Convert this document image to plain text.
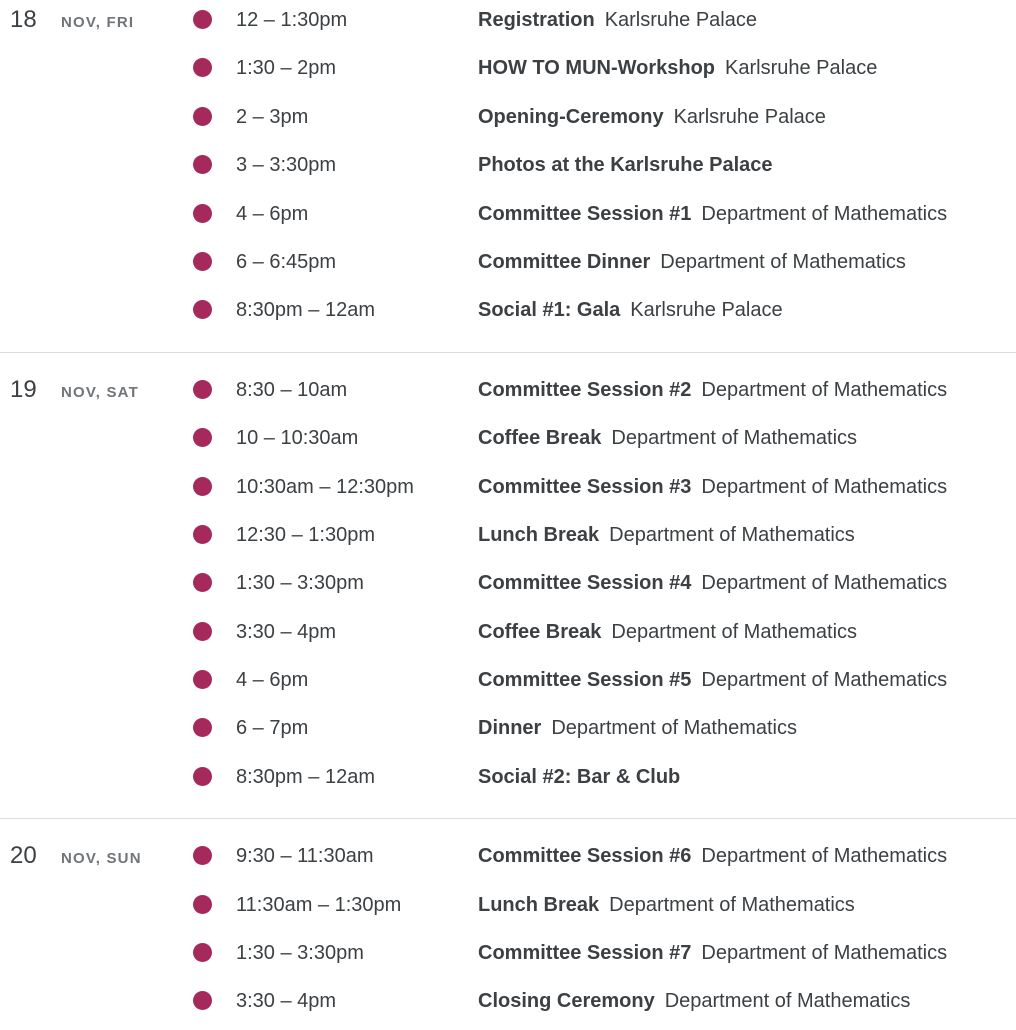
18 NOV, FRI	12 – 1:30pm	Registration Karlsruhe Palace
1:30 – 2pm	HOW TO MUN-Workshop Karlsruhe Palace
2 – 3pm	Opening-Ceremony Karlsruhe Palace
3 – 3:30pm	Photos at the Karlsruhe Palace
4 – 6pm	Committee Session #1 Department of Mathematics
6 – 6:45pm	Committee Dinner Department of Mathematics
8:30pm – 12am	Social #1: Gala Karlsruhe Palace
19 NOV, SAT	8:30 – 10am	Committee Session #2 Department of Mathematics
10 – 10:30am	Coffee Break Department of Mathematics
10:30am – 12:30pm	Committee Session #3 Department of Mathematics
12:30 – 1:30pm	Lunch Break Department of Mathematics
1:30 – 3:30pm	Committee Session #4 Department of Mathematics
3:30 – 4pm	Coffee Break Department of Mathematics
4 – 6pm	Committee Session #5 Department of Mathematics
6 – 7pm	Dinner Department of Mathematics
8:30pm – 12am	Social #2: Bar & Club
20 NOV, SUN	9:30 – 11:30am	Committee Session #6 Department of Mathematics
11:30am – 1:30pm	Lunch Break Department of Mathematics
1:30 – 3:30pm	Committee Session #7 Department of Mathematics
3:30 – 4pm	Closing Ceremony Department of Mathematics
